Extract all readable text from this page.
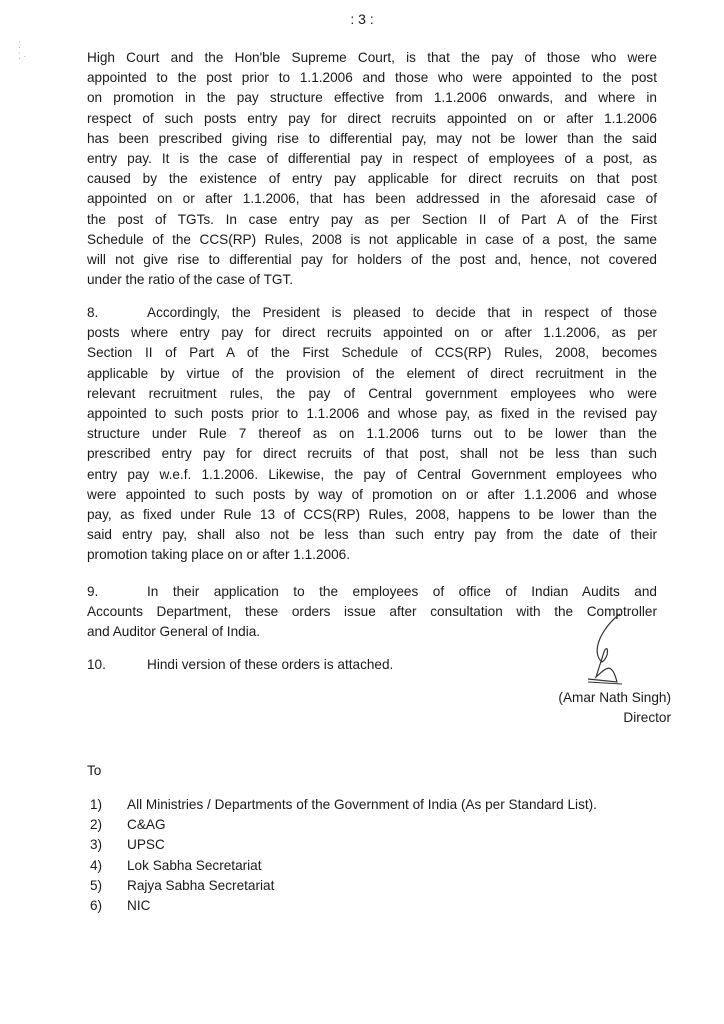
: 3 :
⁚
⁚ ·	High Court and the Hon'ble Supreme Court, is that the pay of those who were
appointed to the post prior to 1.1.2006 and those who were appointed to the post
on promotion in the pay structure effective from 1.1.2006 onwards, and where in
respect of such posts entry pay for direct recruits appointed on or after 1.1.2006
has been prescribed giving rise to differential pay, may not be lower than the said
entry pay. It is the case of differential pay in respect of employees of a post, as
caused by the existence of entry pay applicable for direct recruits on that post
appointed on or after 1.1.2006, that has been addressed in the aforesaid case of
the post of TGTs. In case entry pay as per Section II of Part A of the First
Schedule of the CCS(RP) Rules, 2008 is not applicable in case of a post, the same
will not give rise to differential pay for holders of the post and, hence, not covered
under the ratio of the case of TGT.
8.	Accordingly, the President is pleased to decide that in respect of those
posts where entry pay for direct recruits appointed on or after 1.1.2006, as per
Section II of Part A of the First Schedule of CCS(RP) Rules, 2008, becomes
applicable by virtue of the provision of the element of direct recruitment in the
relevant recruitment rules, the pay of Central government employees who were
appointed to such posts prior to 1.1.2006 and whose pay, as fixed in the revised pay
structure under Rule 7 thereof as on 1.1.2006 turns out to be lower than the
prescribed entry pay for direct recruits of that post, shall not be less than such
entry pay w.e.f. 1.1.2006. Likewise, the pay of Central Government employees who
were appointed to such posts by way of promotion on or after 1.1.2006 and whose
pay, as fixed under Rule 13 of CCS(RP) Rules, 2008, happens to be lower than the
said entry pay, shall also not be less than such entry pay from the date of their
promotion taking place on or after 1.1.2006.
9.	In their application to the employees of office of Indian Audits and
Accounts Department, these orders issue after consultation with the Comptroller
and Auditor General of India.
10.	Hindi version of these orders is attached.
(Amar Nath Singh)
Director
To
1)	All Ministries / Departments of the Government of India (As per Standard List).
2)	C&AG
3)	UPSC
4)	Lok Sabha Secretariat
5)	Rajya Sabha Secretariat
6)	NIC
